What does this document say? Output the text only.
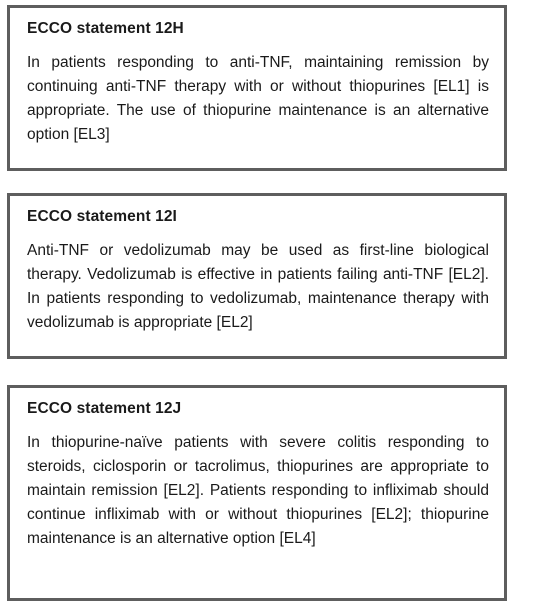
ECCO statement 12H

In patients responding to anti-TNF, maintaining remission by continuing anti-TNF therapy with or without thiopurines [EL1] is appropriate. The use of thiopurine maintenance is an alternative option [EL3]

ECCO statement 12I

Anti-TNF or vedolizumab may be used as first-line biological therapy. Vedolizumab is effective in patients failing anti-TNF [EL2]. In patients responding to vedolizumab, maintenance therapy with vedolizumab is appropriate [EL2]

ECCO statement 12J

In thiopurine-naïve patients with severe colitis responding to steroids, ciclosporin or tacrolimus, thiopurines are appropriate to maintain remission [EL2]. Patients responding to infliximab should continue infliximab with or without thiopurines [EL2]; thiopurine maintenance is an alternative option [EL4]
